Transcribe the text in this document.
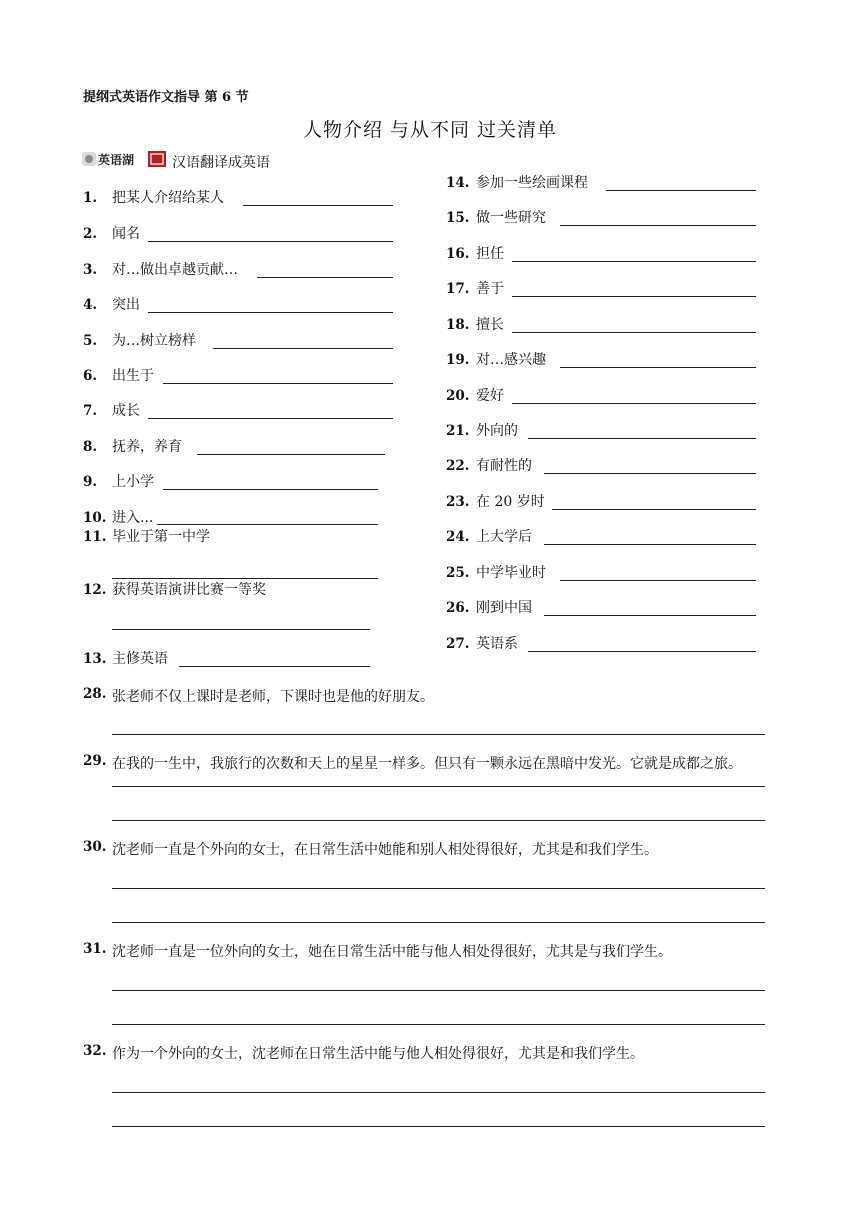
提纲式英语作文指导 第 6 节
人物介绍 与从不同 过关清单
英语湖	汉语翻译成英语
1. 把某人介绍给某人
2. 闻名
3. 对…做出卓越贡献…
4. 突出
5. 为…树立榜样
6. 出生于
7. 成长
8. 抚养，养育
9. 上小学
10. 进入...
11. 毕业于第一中学
12. 获得英语演讲比赛一等奖
13. 主修英语
14. 参加一些绘画课程
15. 做一些研究
16. 担任
17. 善于
18. 擅长
19. 对…感兴趣
20. 爱好
21. 外向的
22. 有耐性的
23. 在 20 岁时
24. 上大学后
25. 中学毕业时
26. 刚到中国
27. 英语系
28. 张老师不仅上课时是老师，下课时也是他的好朋友。
29. 在我的一生中，我旅行的次数和天上的星星一样多。但只有一颗永远在黑暗中发光。它就是成都之旅。
30. 沈老师一直是个外向的女士，在日常生活中她能和别人相处得很好，尤其是和我们学生。
31. 沈老师一直是一位外向的女士，她在日常生活中能与他人相处得很好，尤其是与我们学生。
32. 作为一个外向的女士，沈老师在日常生活中能与他人相处得很好，尤其是和我们学生。
